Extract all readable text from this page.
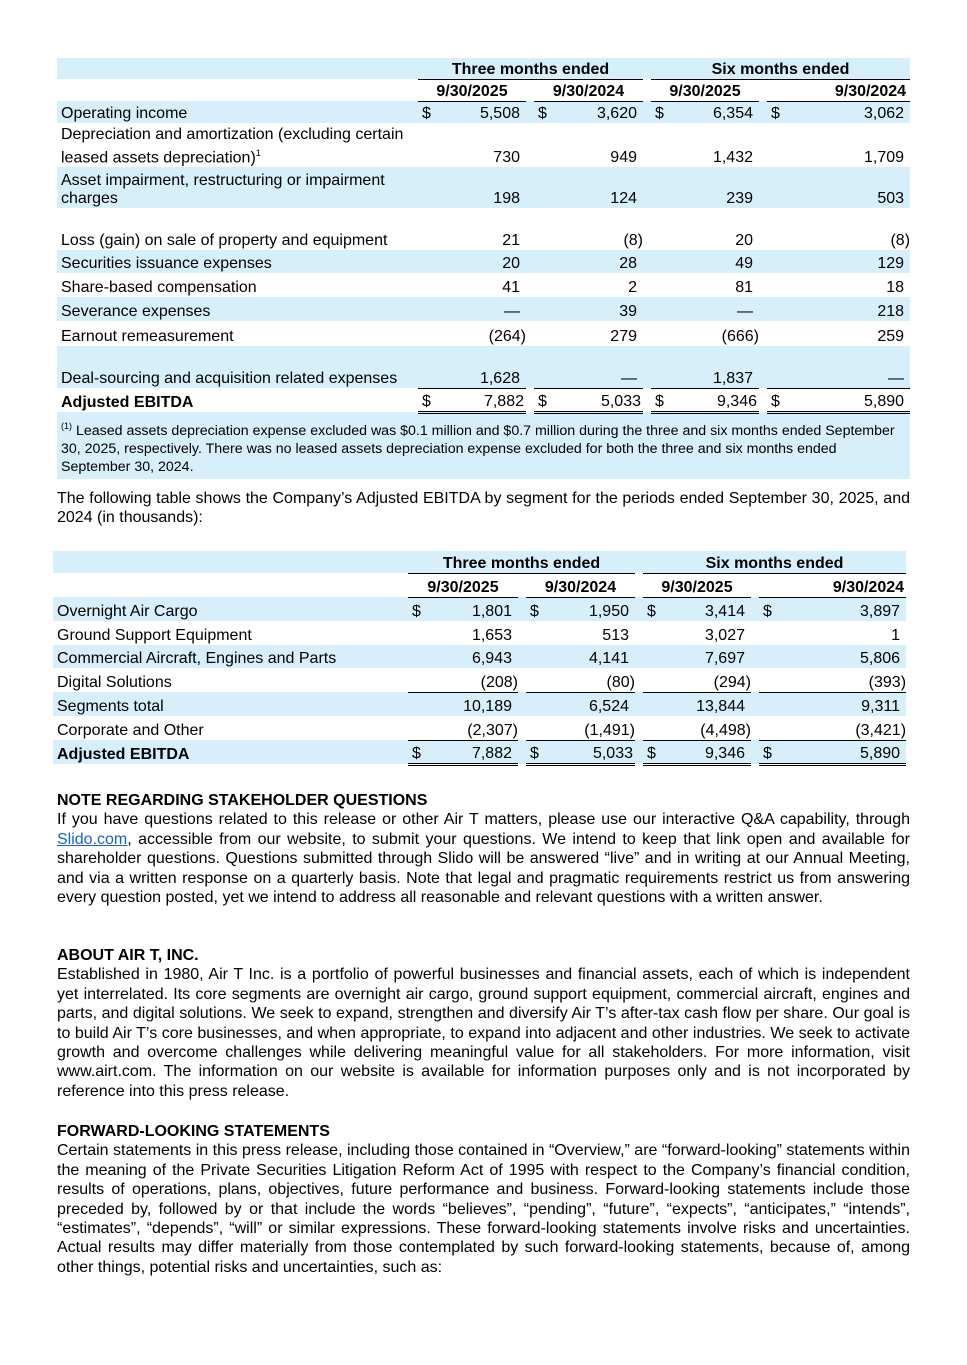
		Three months ended				Six months ended		
		9/30/2025		9/30/2024		9/30/2025		9/30/2024
Operating income		$ 5,508		$ 3,620		$ 6,354		$ 3,062

Depreciation and amortization (excluding certain leased assets depreciation)$^1$		730		949		1,432		1,709

Asset impairment, restructuring or impairment charges		198		124		239		503

Loss (gain) on sale of property and equipment		21		(8)		20		(8)

Securities issuance expenses		20		28		49		129

Share-based compensation		41		2		81		18

Severance expenses		—		39		—		218

Earnout remeasurement		(264)		279		(666)		259

Deal-sourcing and acquisition related expenses		1,628		—		1,837		—

Adjusted EBITDA		$ 7,882		$ 5,033		$ 9,346		$ 5,890

$^{(1)}$ Leased assets depreciation expense excluded was $0.1 million and $0.7 million during the three and six months ended September 30, 2025, respectively. There was no leased assets depreciation expense excluded for both the three and six months ended September 30, 2024.								
The following table shows the Company’s Adjusted EBITDA by segment for the periods ended September 30, 2025, and 2024 (in thousands):
		Three months ended				Six months ended		
		9/30/2025		9/30/2024		9/30/2025		9/30/2024
Overnight Air Cargo		$ 1,801		$ 1,950		$ 3,414		$ 3,897

Ground Support Equipment		1,653		513		3,027		1

Commercial Aircraft, Engines and Parts		6,943		4,141		7,697		5,806

Digital Solutions		(208)		(80)		(294)		(393)

Segments total		10,189		6,524		13,844		9,311

Corporate and Other		(2,307)		(1,491)		(4,498)		(3,421)

Adjusted EBITDA		$ 7,882		$ 5,033		$ 9,346		$ 5,890
NOTE REGARDING STAKEHOLDER QUESTIONS
If you have questions related to this release or other Air T matters, please use our interactive Q&A capability, through Slido.com, accessible from our website, to submit your questions. We intend to keep that link open and available for shareholder questions. Questions submitted through Slido will be answered “live” and in writing at our Annual Meeting, and via a written response on a quarterly basis. Note that legal and pragmatic requirements restrict us from answering every question posted, yet we intend to address all reasonable and relevant questions with a written answer.
ABOUT AIR T, INC.
Established in 1980, Air T Inc. is a portfolio of powerful businesses and financial assets, each of which is independent yet interrelated. Its core segments are overnight air cargo, ground support equipment, commercial aircraft, engines and parts, and digital solutions. We seek to expand, strengthen and diversify Air T’s after-tax cash flow per share. Our goal is to build Air T’s core businesses, and when appropriate, to expand into adjacent and other industries. We seek to activate growth and overcome challenges while delivering meaningful value for all stakeholders. For more information, visit www.airt.com. The information on our website is available for information purposes only and is not incorporated by reference into this press release.
FORWARD-LOOKING STATEMENTS
Certain statements in this press release, including those contained in “Overview,” are “forward-looking” statements within the meaning of the Private Securities Litigation Reform Act of 1995 with respect to the Company’s financial condition, results of operations, plans, objectives, future performance and business. Forward-looking statements include those preceded by, followed by or that include the words “believes”, “pending”, “future”, “expects”, “anticipates,” “intends”, “estimates”, “depends”, “will” or similar expressions. These forward-looking statements involve risks and uncertainties. Actual results may differ materially from those contemplated by such forward-looking statements, because of, among other things, potential risks and uncertainties, such as:
